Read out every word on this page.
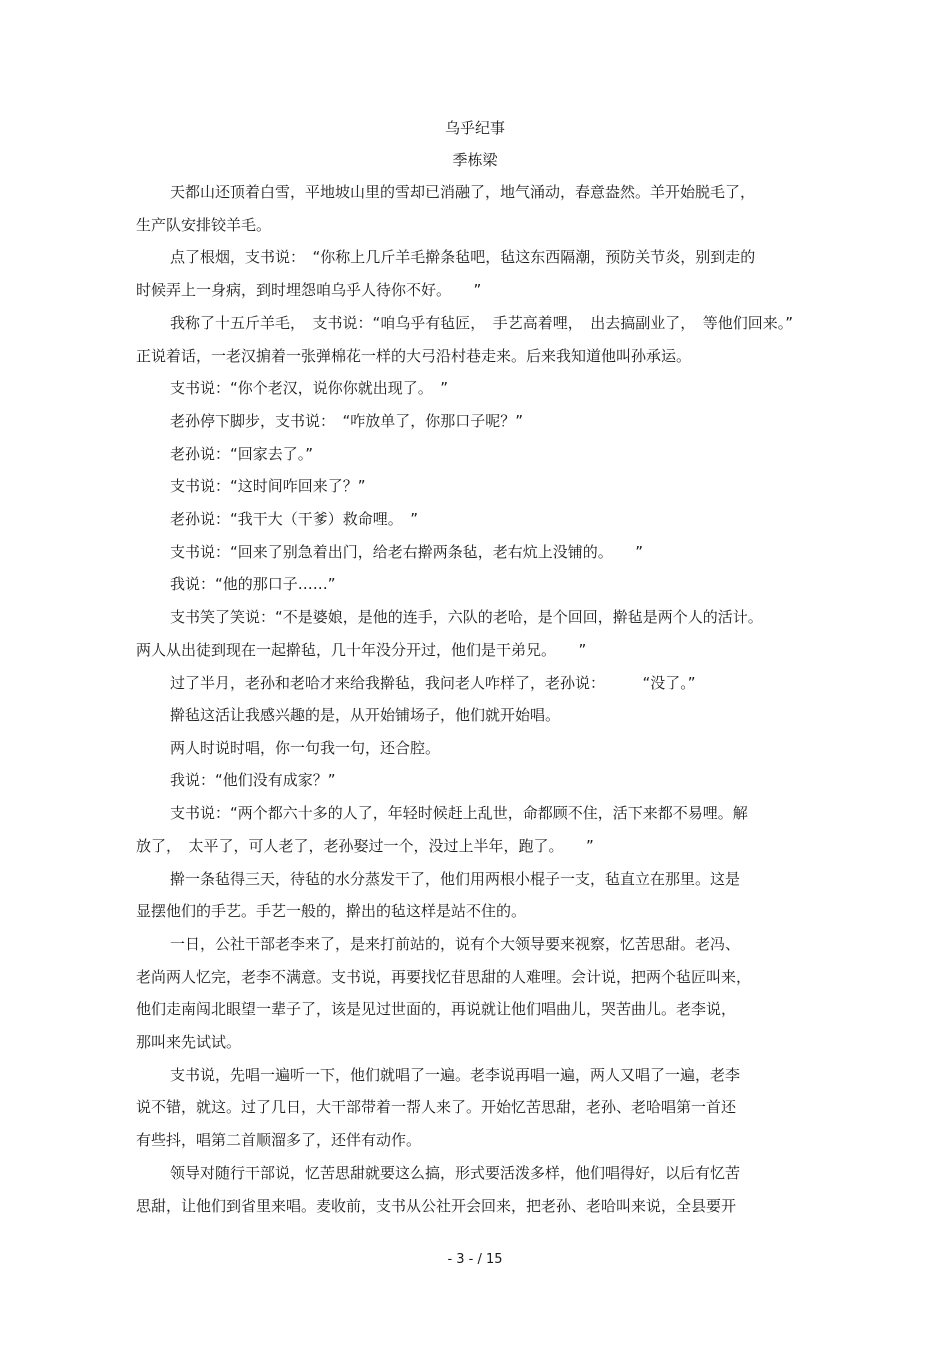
乌乎纪事
季栋梁
天都山还顶着白雪，平地坡山里的雪却已消融了，地气涌动，春意盎然。羊开始脱毛了，
生产队安排铰羊毛。
点了根烟，支书说：　“你称上几斤羊毛擀条毡吧，毡这东西隔潮，预防关节炎，别到走的
时候弄上一身病，到时埋怨咱乌乎人待你不好。　　”
我称了十五斤羊毛，　支书说：“咱乌乎有毡匠，　手艺高着哩，　出去搞副业了，　等他们回来。”
正说着话，一老汉掮着一张弹棉花一样的大弓沿村巷走来。后来我知道他叫孙承运。
支书说：“你个老汉，说你你就出现了。　”
老孙停下脚步，支书说：　“咋放单了，你那口子呢？”
老孙说：“回家去了。”
支书说：“这时间咋回来了？”
老孙说：“我干大（干爹）救命哩。　”
支书说：“回来了别急着出门，给老右擀两条毡，老右炕上没铺的。　　”
我说：“他的那口子……”
支书笑了笑说：“不是婆娘，是他的连手，六队的老哈，是个回回，擀毡是两个人的活计。
两人从出徒到现在一起擀毡，几十年没分开过，他们是干弟兄。　　”
过了半月，老孙和老哈才来给我擀毡，我问老人咋样了，老孙说：　　　“没了。”
擀毡这活让我感兴趣的是，从开始铺场子，他们就开始唱。
两人时说时唱，你一句我一句，还合腔。
我说：“他们没有成家？”
支书说：“两个都六十多的人了，年轻时候赶上乱世，命都顾不住，活下来都不易哩。解
放了，　太平了，可人老了，老孙娶过一个，没过上半年，跑了。　　”
擀一条毡得三天，待毡的水分蒸发干了，他们用两根小棍子一支，毡直立在那里。这是
显摆他们的手艺。手艺一般的，擀出的毡这样是站不住的。
一日，公社干部老李来了，是来打前站的，说有个大领导要来视察，忆苦思甜。老冯、
老尚两人忆完，老李不满意。支书说，再要找忆苷思甜的人难哩。会计说，把两个毡匠叫来，
他们走南闯北眼望一辈子了，该是见过世面的，再说就让他们唱曲儿，哭苦曲儿。老李说，
那叫来先试试。
支书说，先唱一遍听一下，他们就唱了一遍。老李说再唱一遍，两人又唱了一遍，老李
说不错，就这。过了几日，大干部带着一帮人来了。开始忆苦思甜，老孙、老哈唱第一首还
有些抖，唱第二首顺溜多了，还伴有动作。
领导对随行干部说，忆苦思甜就要这么搞，形式要活泼多样，他们唱得好，以后有忆苦
思甜，让他们到省里来唱。麦收前，支书从公社开会回来，把老孙、老哈叫来说，全县要开
- 3 - / 15
